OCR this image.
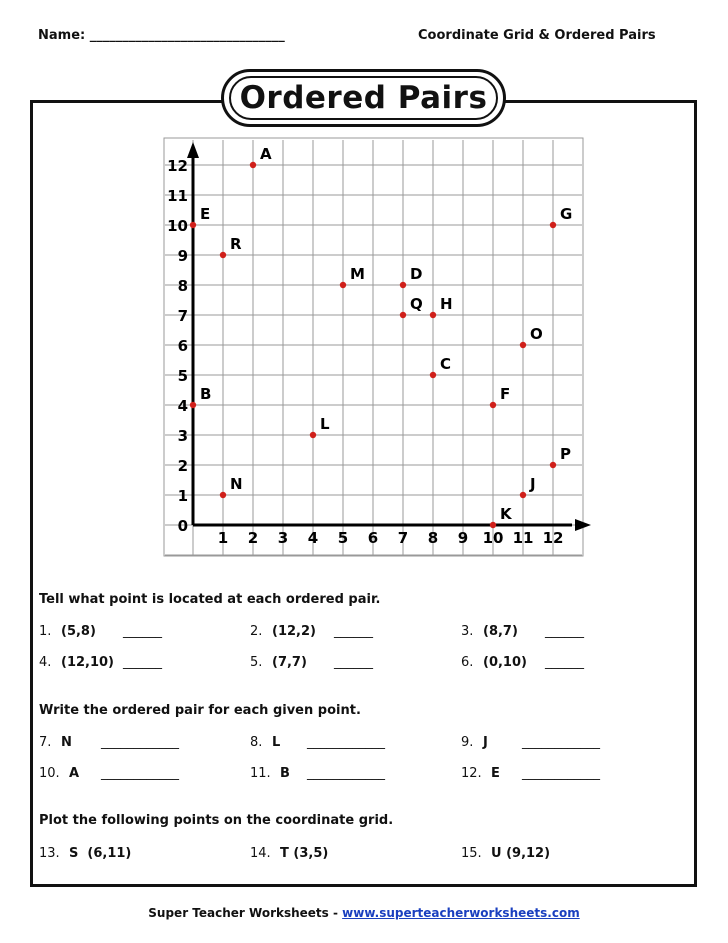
Name: ______________________________	Coordinate Grid & Ordered Pairs
Ordered Pairs
1 2 3 4 5 6 7 8 9 10 11 12
0
1
2
3
4
5
6
7
8
9
10
11
12
A
E
R
G
M	D
Q H
O
C
B	F
L
P
N	J
K
Tell what point is located at each ordered pair.
1. (5,8) ______	2. (12,2) ______	3. (8,7) ______
4. (12,10) ______	5. (7,7) ______	6. (0,10) ______
Write the ordered pair for each given point.
7. N ____________	8. L ____________	9. J	____________
10. A ____________	11. B ____________	12. E ____________
Plot the following points on the coordinate grid.
13. S  (6,11)	14. T (3,5)	15. U (9,12)
Super Teacher Worksheets - www.superteacherworksheets.com
